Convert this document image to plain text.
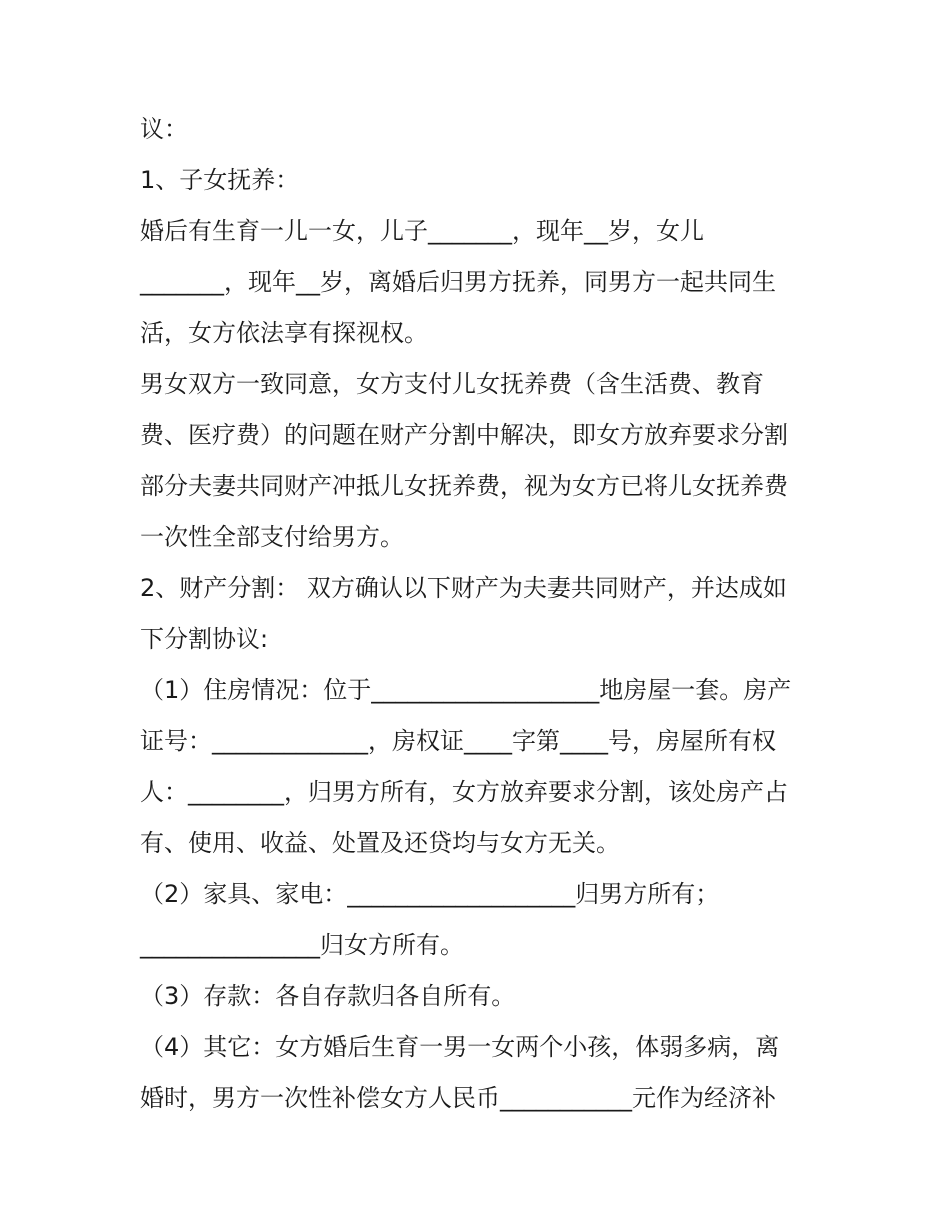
议：
1、子女抚养：
婚后有生育一儿一女，儿子_______，现年__岁，女儿
_______，现年__岁，离婚后归男方抚养，同男方一起共同生
活，女方依法享有探视权。
男女双方一致同意，女方支付儿女抚养费（含生活费、教育
费、医疗费）的问题在财产分割中解决，即女方放弃要求分割
部分夫妻共同财产冲抵儿女抚养费，视为女方已将儿女抚养费
一次性全部支付给男方。
2、财产分割： 双方确认以下财产为夫妻共同财产，并达成如
下分割协议:
（1）住房情况：位于___________________地房屋一套。房产
证号：_____________，房权证____字第____号，房屋所有权
人：________，归男方所有，女方放弃要求分割，该处房产占
有、使用、收益、处置及还贷均与女方无关。
（2）家具、家电：___________________归男方所有；
_______________归女方所有。
（3）存款：各自存款归各自所有。
（4）其它：女方婚后生育一男一女两个小孩，体弱多病，离
婚时，男方一次性补偿女方人民币___________元作为经济补
